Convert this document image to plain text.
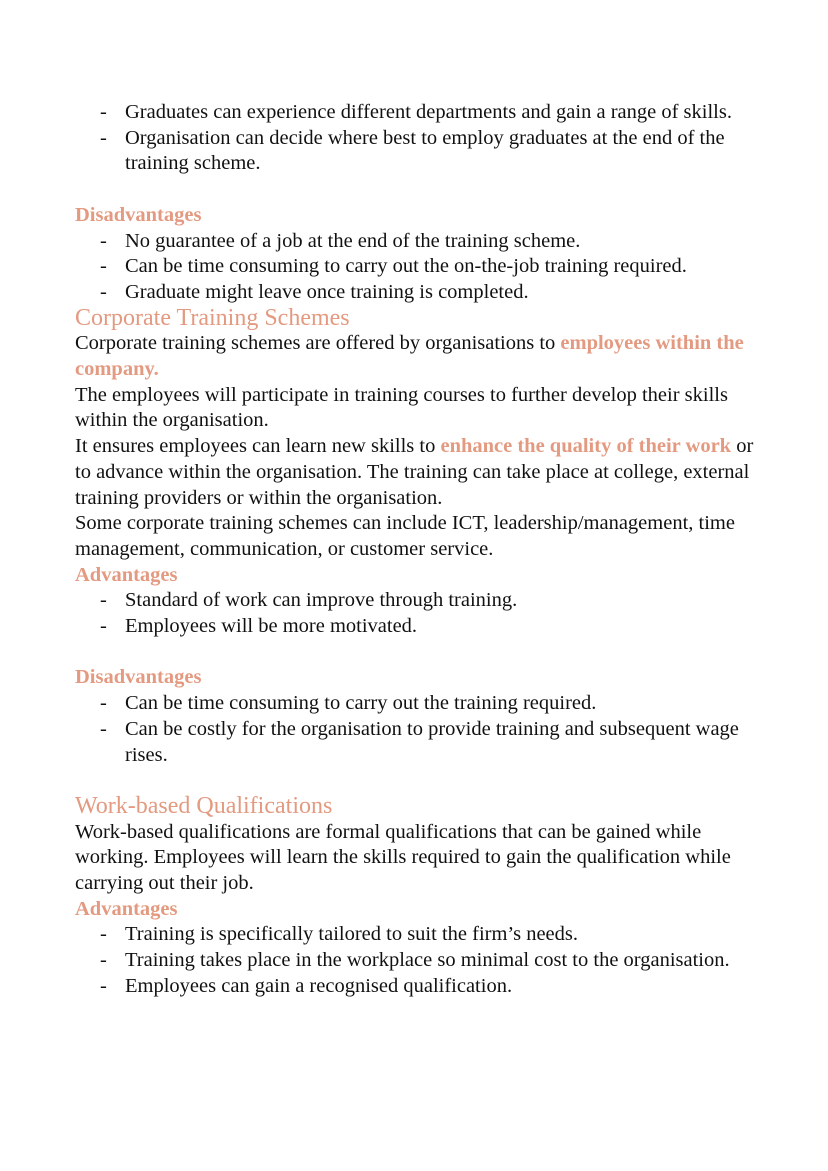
- Graduates can experience different departments and gain a range of skills.
- Organisation can decide where best to employ graduates at the end of the training scheme.
Disadvantages
- No guarantee of a job at the end of the training scheme.
- Can be time consuming to carry out the on-the-job training required.
- Graduate might leave once training is completed.
Corporate Training Schemes

Corporate training schemes are offered by organisations to employees within the company.

The employees will participate in training courses to further develop their skills within the organisation.

It ensures employees can learn new skills to enhance the quality of their work or to advance within the organisation. The training can take place at college, external training providers or within the organisation.

Some corporate training schemes can include ICT, leadership/management, time management, communication, or customer service.

Advantages
- Standard of work can improve through training.
- Employees will be more motivated.
Disadvantages
- Can be time consuming to carry out the training required.
- Can be costly for the organisation to provide training and subsequent wage rises.
Work-based Qualifications

Work-based qualifications are formal qualifications that can be gained while working. Employees will learn the skills required to gain the qualification while carrying out their job.

Advantages
- Training is specifically tailored to suit the firm’s needs.
- Training takes place in the workplace so minimal cost to the organisation.
- Employees can gain a recognised qualification.
